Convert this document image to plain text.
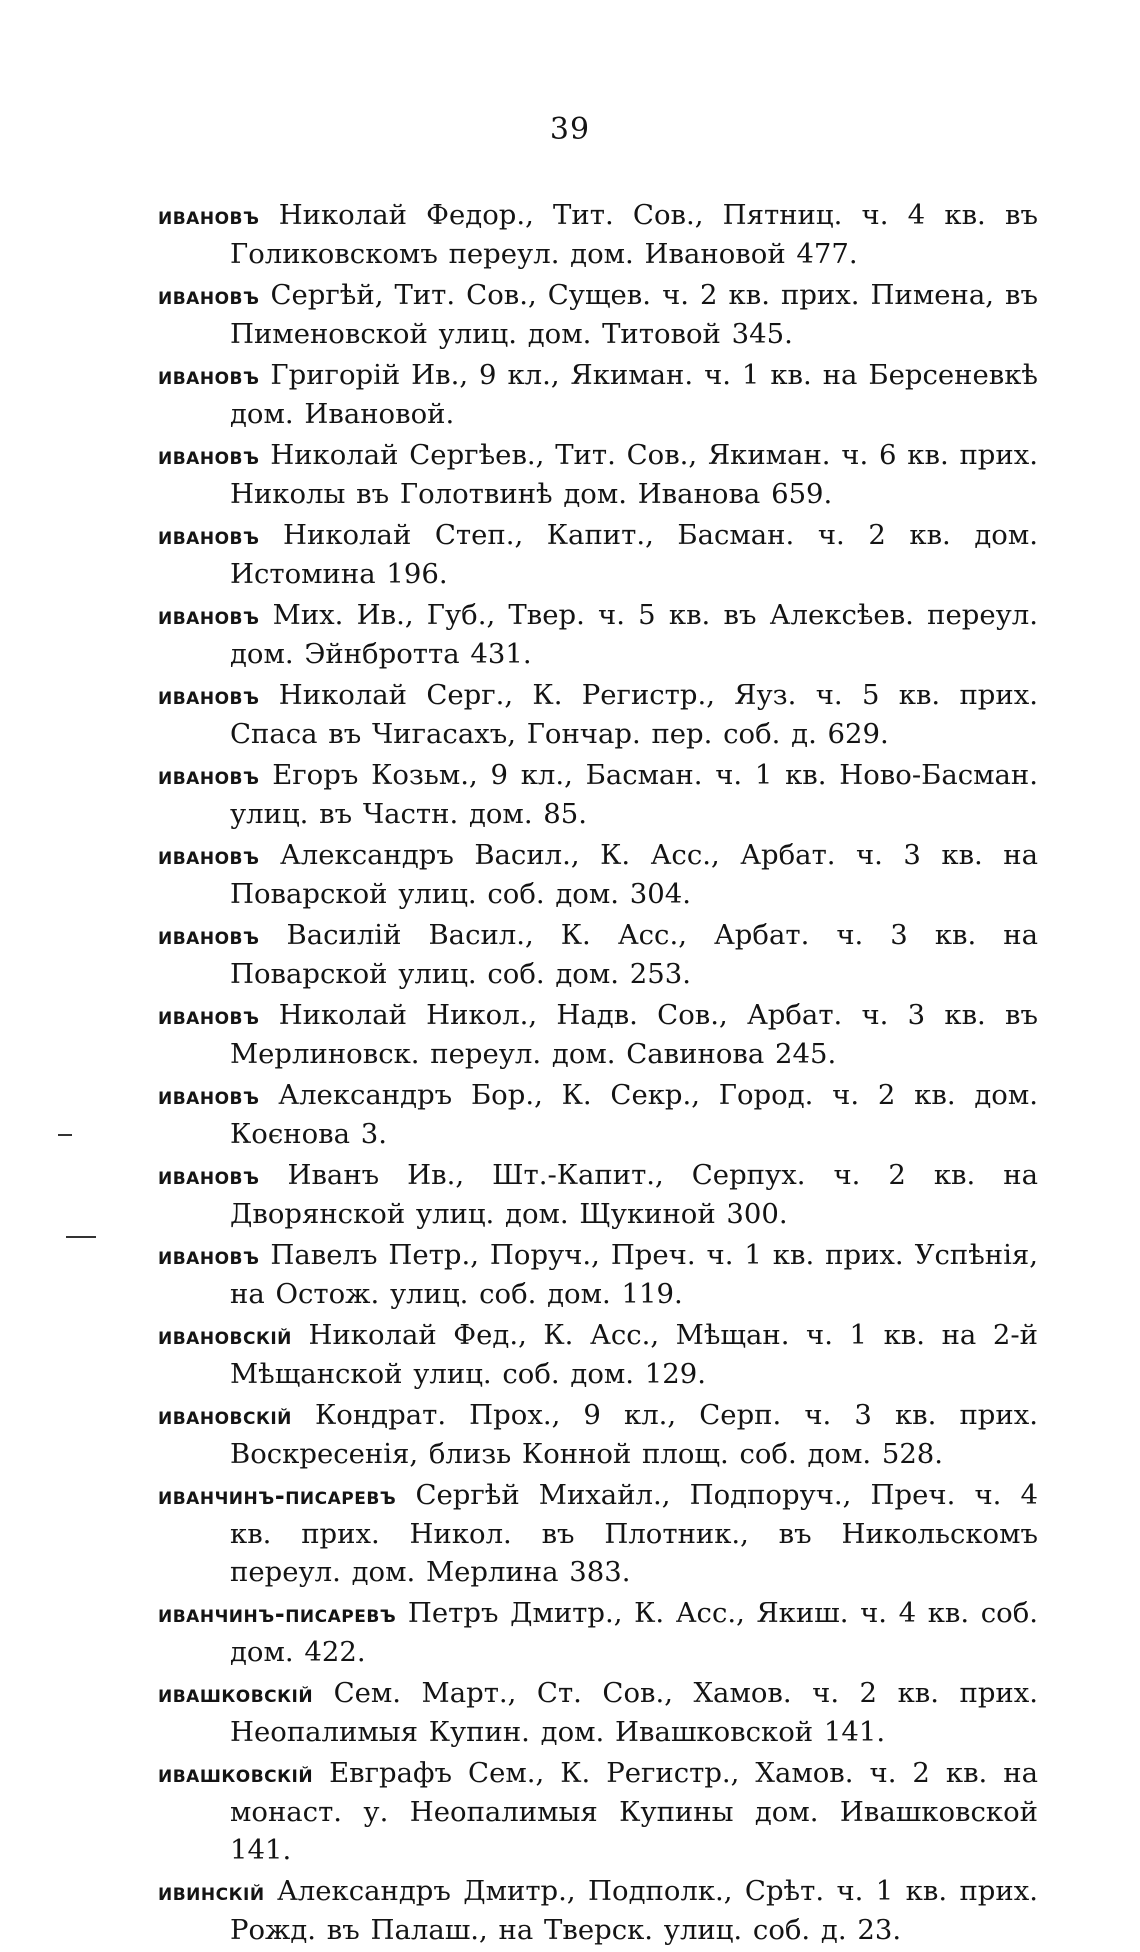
39

ивановъ Николай Федор., Тит. Сов., Пятниц. ч. 4 кв. въ Голиковскомъ переул. дом. Ивановой 477.

ивановъ Сергѣй, Тит. Сов., Сущев. ч. 2 кв. прих. Пимена, въ Пименовской улиц. дом. Титовой 345.

ивановъ Григорій Ив., 9 кл., Якиман. ч. 1 кв. на Берсеневкѣ дом. Ивановой.

ивановъ Николай Сергѣев., Тит. Сов., Якиман. ч. 6 кв. прих. Николы въ Голотвинѣ дом. Иванова 659.

ивановъ Николай Степ., Капит., Басман. ч. 2 кв. дом. Истомина 196.

ивановъ Мих. Ив., Губ., Твер. ч. 5 кв. въ Алексѣев. переул. дом. Эйнбротта 431.

ивановъ Николай Серг., К. Регистр., Яуз. ч. 5 кв. прих. Спаса въ Чигасахъ, Гончар. пер. соб. д. 629.

ивановъ Егоръ Козьм., 9 кл., Басман. ч. 1 кв. Ново-Басман. улиц. въ Частн. дом. 85.

ивановъ Александръ Васил., К. Асс., Арбат. ч. 3 кв. на Поварской улиц. соб. дом. 304.

ивановъ Василій Васил., К. Асс., Арбат. ч. 3 кв. на Поварской улиц. соб. дом. 253.

ивановъ Николай Никол., Надв. Сов., Арбат. ч. 3 кв. въ Мерлиновск. переул. дом. Савинова 245.

ивановъ Александръ Бор., К. Секр., Город. ч. 2 кв. дом. Коєнова 3.

ивановъ Иванъ Ив., Шт.-Капит., Серпух. ч. 2 кв. на Дворянской улиц. дом. Щукиной 300.

ивановъ Павелъ Петр., Поруч., Преч. ч. 1 кв. прих. Успѣнія, на Остож. улиц. соб. дом. 119.

ивановскій Николай Фед., К. Асс., Мѣщан. ч. 1 кв. на 2-й Мѣщанской улиц. соб. дом. 129.

ивановскій Кондрат. Прох., 9 кл., Серп. ч. 3 кв. прих. Воскресенія, близь Конной площ. соб. дом. 528.

иванчинъ-писаревъ Сергѣй Михайл., Подпоруч., Преч. ч. 4 кв. прих. Никол. въ Плотник., въ Никольскомъ переул. дом. Мерлина 383.

иванчинъ-писаревъ Петръ Дмитр., К. Асс., Якиш. ч. 4 кв. соб. дом. 422.

ивашковскій Сем. Март., Ст. Сов., Хамов. ч. 2 кв. прих. Неопалимыя Купин. дом. Ивашковской 141.

ивашковскій Евграфъ Сем., К. Регистр., Хамов. ч. 2 кв. на монаст. у. Неопалимыя Купины дом. Ивашковской 141.

ивинскій Александръ Дмитр., Подполк., Срѣт. ч. 1 кв. прих. Рожд. въ Палаш., на Тверск. улиц. соб. д. 23.
